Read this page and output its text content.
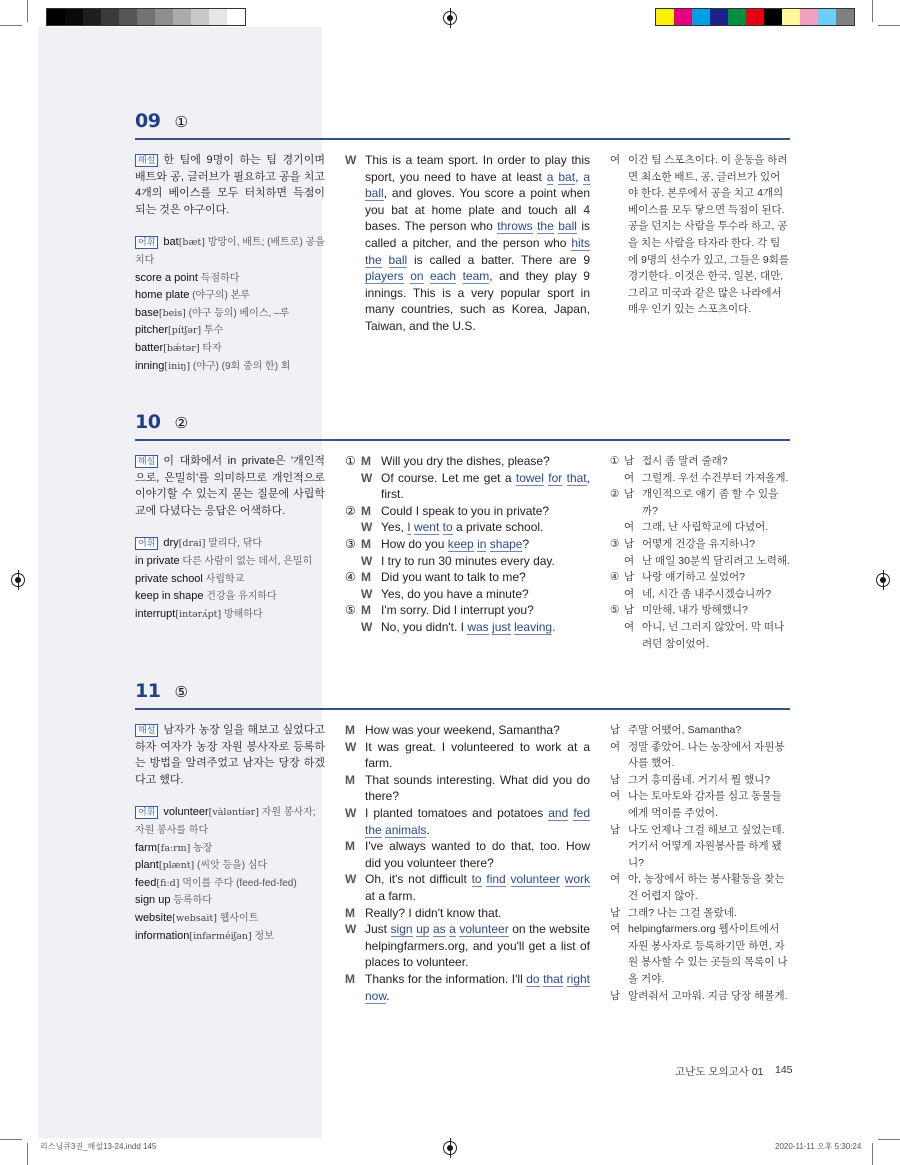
09 ①
해설 한 팀에 9명이 하는 팀 경기이며 배트와 공, 글러브가 필요하고 공을 치고 4개의 베이스를 모두 터치하면 득점이 되는 것은 야구이다.
어휘 bat[bæt] 방망이, 배트; (배트로) 공을 치다
score a point 득점하다
home plate (야구의) 본루
base[beis] (야구 등의) 베이스, –루
pitcher[pítʃər] 투수
batter[bǽtər] 타자
inning[iniŋ] (야구) (9회 중의 한) 회
W This is a team sport. In order to play this sport, you need to have at least a bat, a ball, and gloves. You score a point when you bat at home plate and touch all 4 bases. The person who throws the ball is called a pitcher, and the person who hits the ball is called a batter. There are 9 players on each team, and they play 9 innings. This is a very popular sport in many countries, such as Korea, Japan, Taiwan, and the U.S.
여 이건 팀 스포츠이다. 이 운동을 하려면 최소한 배트, 공, 글러브가 있어야 한다. 본루에서 공을 치고 4개의 베이스를 모두 닿으면 득점이 된다. 공을 던지는 사람을 투수라 하고, 공을 치는 사람을 타자라 한다. 각 팀에 9명의 선수가 있고, 그들은 9회를 경기한다. 이것은 한국, 일본, 대만, 그리고 미국과 같은 많은 나라에서 매우 인기 있는 스포츠이다.
10 ②
해설 이 대화에서 in private은 '개인적으로, 은밀히'를 의미하므로 개인적으로 이야기할 수 있는지 묻는 질문에 사립학교에 다녔다는 응답은 어색하다.
어휘 dry[drai] 말리다, 닦다
in private 다른 사람이 없는 데서, 은밀히
private school 사립학교
keep in shape 건강을 유지하다
interrupt[intərʌ́pt] 방해하다
① M Will you dry the dishes, please?
W Of course. Let me get a towel for that, first.
② M Could I speak to you in private?
W Yes, I went to a private school.
③ M How do you keep in shape?
W I try to run 30 minutes every day.
④ M Did you want to talk to me?
W Yes, do you have a minute?
⑤ M I'm sorry. Did I interrupt you?
W No, you didn't. I was just leaving.
① 남 접시 좀 말려 줄래?
여 그럴게. 우선 수건부터 가져올게.
② 남 개인적으로 얘기 좀 할 수 있을까?
여 그래, 난 사립학교에 다녔어.
③ 남 어떻게 건강을 유지하니?
여 난 매일 30분씩 달리려고 노력해.
④ 남 나랑 얘기하고 싶었어?
여 네, 시간 좀 내주시겠습니까?
⑤ 남 미안해, 내가 방해했니?
여 아니, 넌 그러지 않았어. 막 떠나려던 참이었어.
11 ⑤
해설 남자가 농장 일을 해보고 싶었다고 하자 여자가 농장 자원 봉사자로 등록하는 방법을 알려주었고 남자는 당장 하겠다고 했다.
어휘 volunteer[vàləntíər] 자원 봉사자; 자원 봉사를 하다
farm[faːrm] 농장
plant[plænt] (씨앗 등을) 심다
feed[fiːd] 먹이를 주다 (feed-fed-fed)
sign up 등록하다
website[websait] 웹사이트
information[infərméiʃən] 정보
M How was your weekend, Samantha?
W It was great. I volunteered to work at a farm.
M That sounds interesting. What did you do there?
W I planted tomatoes and potatoes and fed the animals.
M I've always wanted to do that, too. How did you volunteer there?
W Oh, it's not difficult to find volunteer work at a farm.
M Really? I didn't know that.
W Just sign up as a volunteer on the website helpingfarmers.org, and you'll get a list of places to volunteer.
M Thanks for the information. I'll do that right now.
남 주말 어땠어, Samantha?
여 정말 좋았어. 나는 농장에서 자원봉사를 했어.
남 그거 흥미롭네. 거기서 뭘 했니?
여 나는 토마토와 감자를 심고 동물들에게 먹이를 주었어.
남 나도 언제나 그걸 해보고 싶었는데. 거기서 어떻게 자원봉사를 하게 됐니?
여 아, 농장에서 하는 봉사활동을 찾는 건 어렵지 않아.
남 그래? 나는 그걸 몰랐네.
여 helpingfarmers.org 웹사이트에서 자원 봉사자로 등록하기만 하면, 자원 봉사할 수 있는 곳들의 목록이 나올 거야.
남 알려줘서 고마워. 지금 당장 해볼게.
고난도 모의고사 01 145
리스닝큐3권_해설13-24.indd 145	2020-11-11 오후 5:30:24
